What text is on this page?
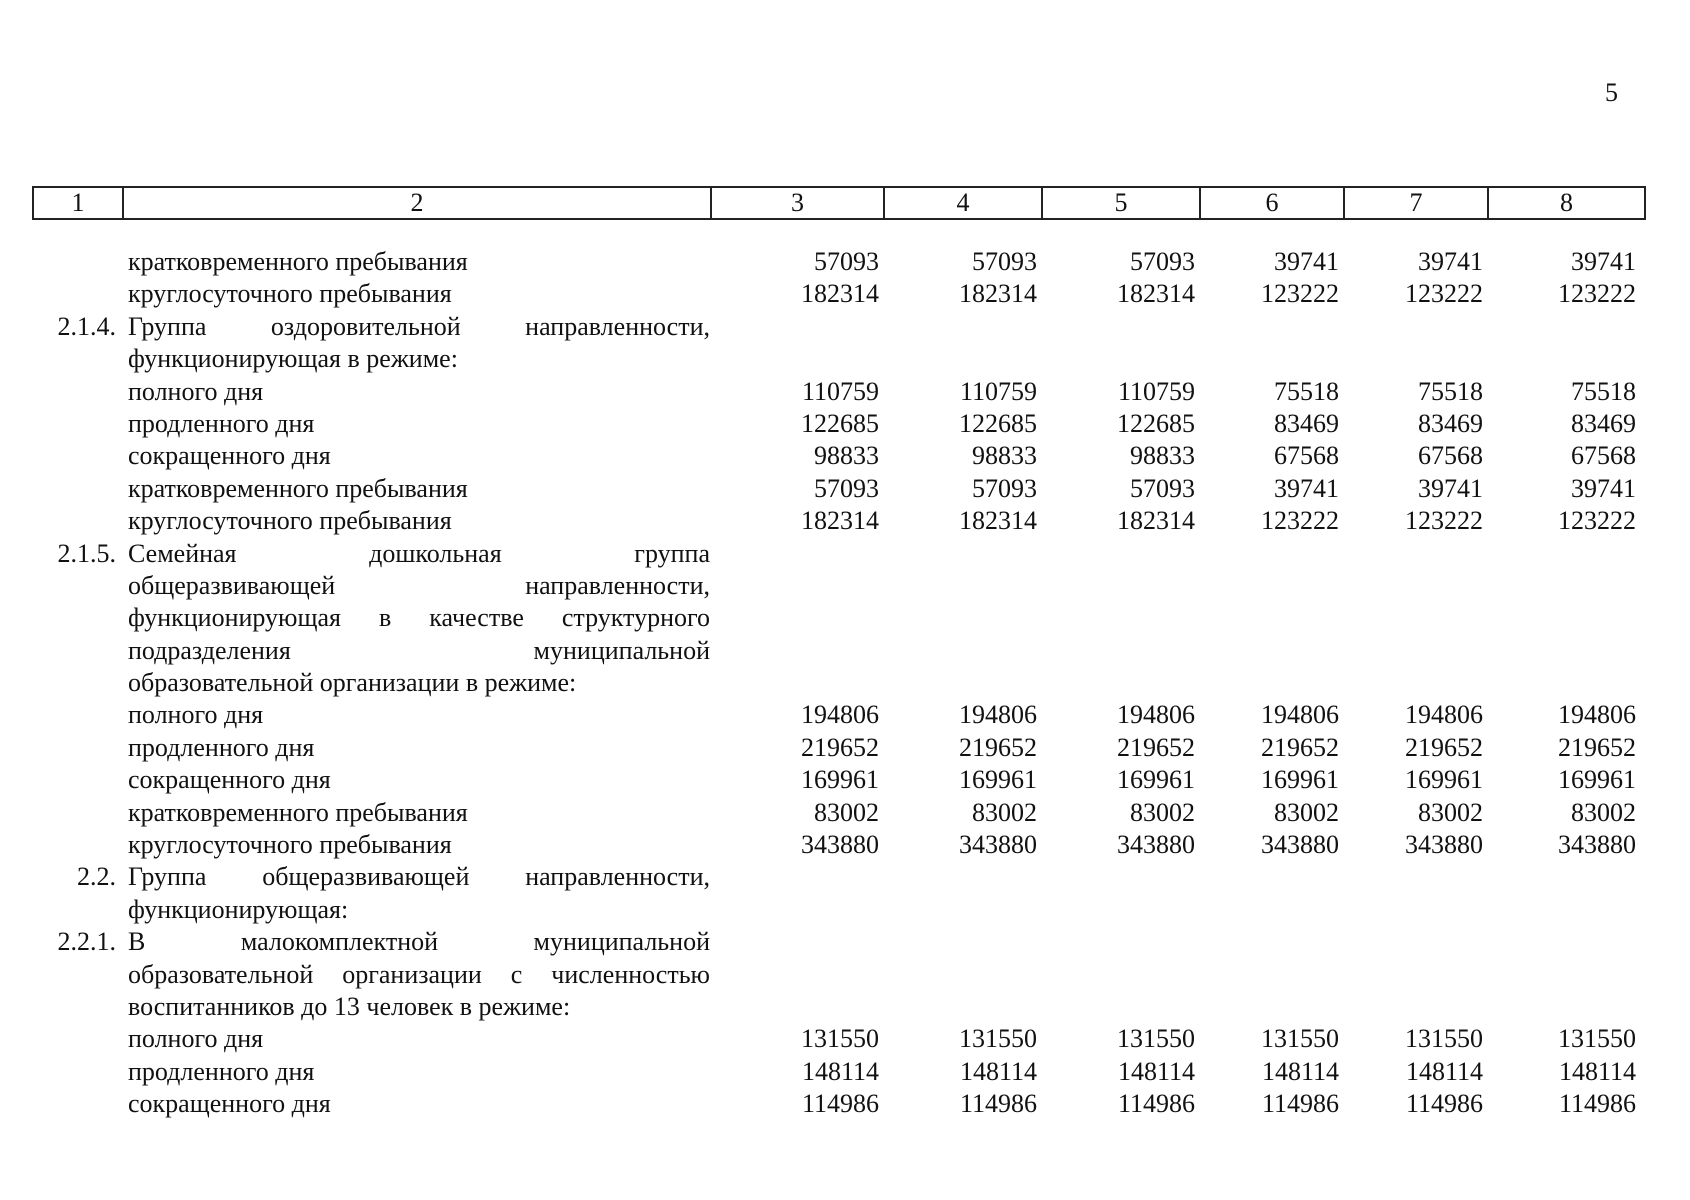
5
1	2	3	4	5	6	7	8
кратковременного пребывания	57093	57093	57093	39741	39741	39741
круглосуточного пребывания	182314	182314	182314	123222	123222	123222
2.1.4. Группа оздоровительной направленности,
функционирующая в режиме:
полного дня	110759	110759	110759	75518	75518	75518
продленного дня	122685	122685	122685	83469	83469	83469
сокращенного дня	98833	98833	98833	67568	67568	67568
кратковременного пребывания	57093	57093	57093	39741	39741	39741
круглосуточного пребывания	182314	182314	182314	123222	123222	123222
2.1.5. Семейная дошкольная группа
общеразвивающей направленности,
функционирующая в качестве структурного
подразделения муниципальной
образовательной организации в режиме:
полного дня	194806	194806	194806	194806	194806	194806
продленного дня	219652	219652	219652	219652	219652	219652
сокращенного дня	169961	169961	169961	169961	169961	169961
кратковременного пребывания	83002	83002	83002	83002	83002	83002
круглосуточного пребывания	343880	343880	343880	343880	343880	343880
2.2. Группа общеразвивающей направленности,
функционирующая:
2.2.1. В малокомплектной муниципальной
образовательной организации с численностью
воспитанников до 13 человек в режиме:
полного дня	131550	131550	131550	131550	131550	131550
продленного дня	148114	148114	148114	148114	148114	148114
сокращенного дня	114986	114986	114986	114986	114986	114986
